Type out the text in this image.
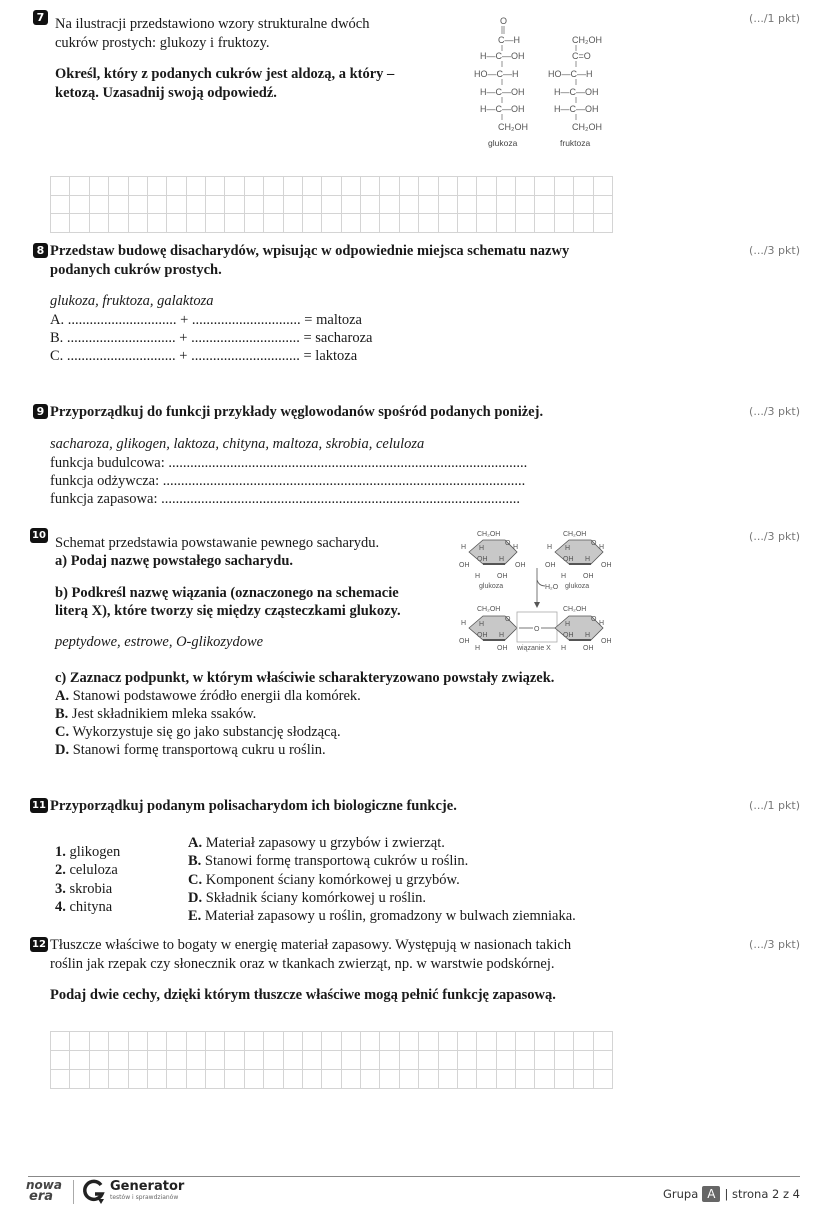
7	(.../1 pkt)
Na ilustracji przedstawiono wzory strukturalne dwóch
cukrów prostych: glukozy i fruktozy.
Określ, który z podanych cukrów jest aldozą, a który –
ketozą. Uzasadnij swoją odpowiedź.
O
C—H
H—C—OH
HO—C—H
H—C—OH
H—C—OH
CH₂OH
glukoza
CH₂OH
C=O
HO—C—H
H—C—OH
H—C—OH
CH₂OH
fruktoza
8	(.../3 pkt)
Przedstaw budowę disacharydów, wpisując w odpowiednie miejsca schematu nazwy
podanych cukrów prostych.
glukoza, fruktoza, galaktoza
A. .............................. + .............................. = maltoza
B. .............................. + .............................. = sacharoza
C. .............................. + .............................. = laktoza
9	(.../3 pkt)
Przyporządkuj do funkcji przykłady węglowodanów spośród podanych poniżej.
sacharoza, glikogen, laktoza, chityna, maltoza, skrobia, celuloza
funkcja budulcowa: ...................................................................................................
funkcja odżywcza: ....................................................................................................
funkcja zapasowa: ...................................................................................................
10	(.../3 pkt)
Schemat przedstawia powstawanie pewnego sacharydu.
a) Podaj nazwę powstałego sacharydu.
b) Podkreśl nazwę wiązania (oznaczonego na schemacie
literą X), które tworzy się między cząsteczkami glukozy.
peptydowe, estrowe, O-glikozydowe
CH₂OH
O
H H	H
OH
OH H
OH
H OH
glukoza
CH₂OH
O
H H	H
OH
OH H
OH
H OH
glukoza
H₂O
CH₂OH
O
H H
OH
OH H
H OH
O
wiązanie X
CH₂OH
O
H	H
OH H
OH
H OH
c) Zaznacz podpunkt, w którym właściwie scharakteryzowano powstały związek.
A. Stanowi podstawowe źródło energii dla komórek.
B. Jest składnikiem mleka ssaków.
C. Wykorzystuje się go jako substancję słodzącą.
D. Stanowi formę transportową cukru u roślin.
11	(.../1 pkt)
Przyporządkuj podanym polisacharydom ich biologiczne funkcje.
1. glikogen
2. celuloza
3. skrobia
4. chityna
A. Materiał zapasowy u grzybów i zwierząt.
B. Stanowi formę transportową cukrów u roślin.
C. Komponent ściany komórkowej u grzybów.
D. Składnik ściany komórkowej u roślin.
E. Materiał zapasowy u roślin, gromadzony w bulwach ziemniaka.
12	(.../3 pkt)
Tłuszcze właściwe to bogaty w energię materiał zapasowy. Występują w nasionach takich
roślin jak rzepak czy słonecznik oraz w tkankach zwierząt, np. w warstwie podskórnej.
Podaj dwie cechy, dzięki którym tłuszcze właściwe mogą pełnić funkcję zapasową.
nowa
era
Generator
testów i sprawdzianów	Grupa A | strona 2 z 4
